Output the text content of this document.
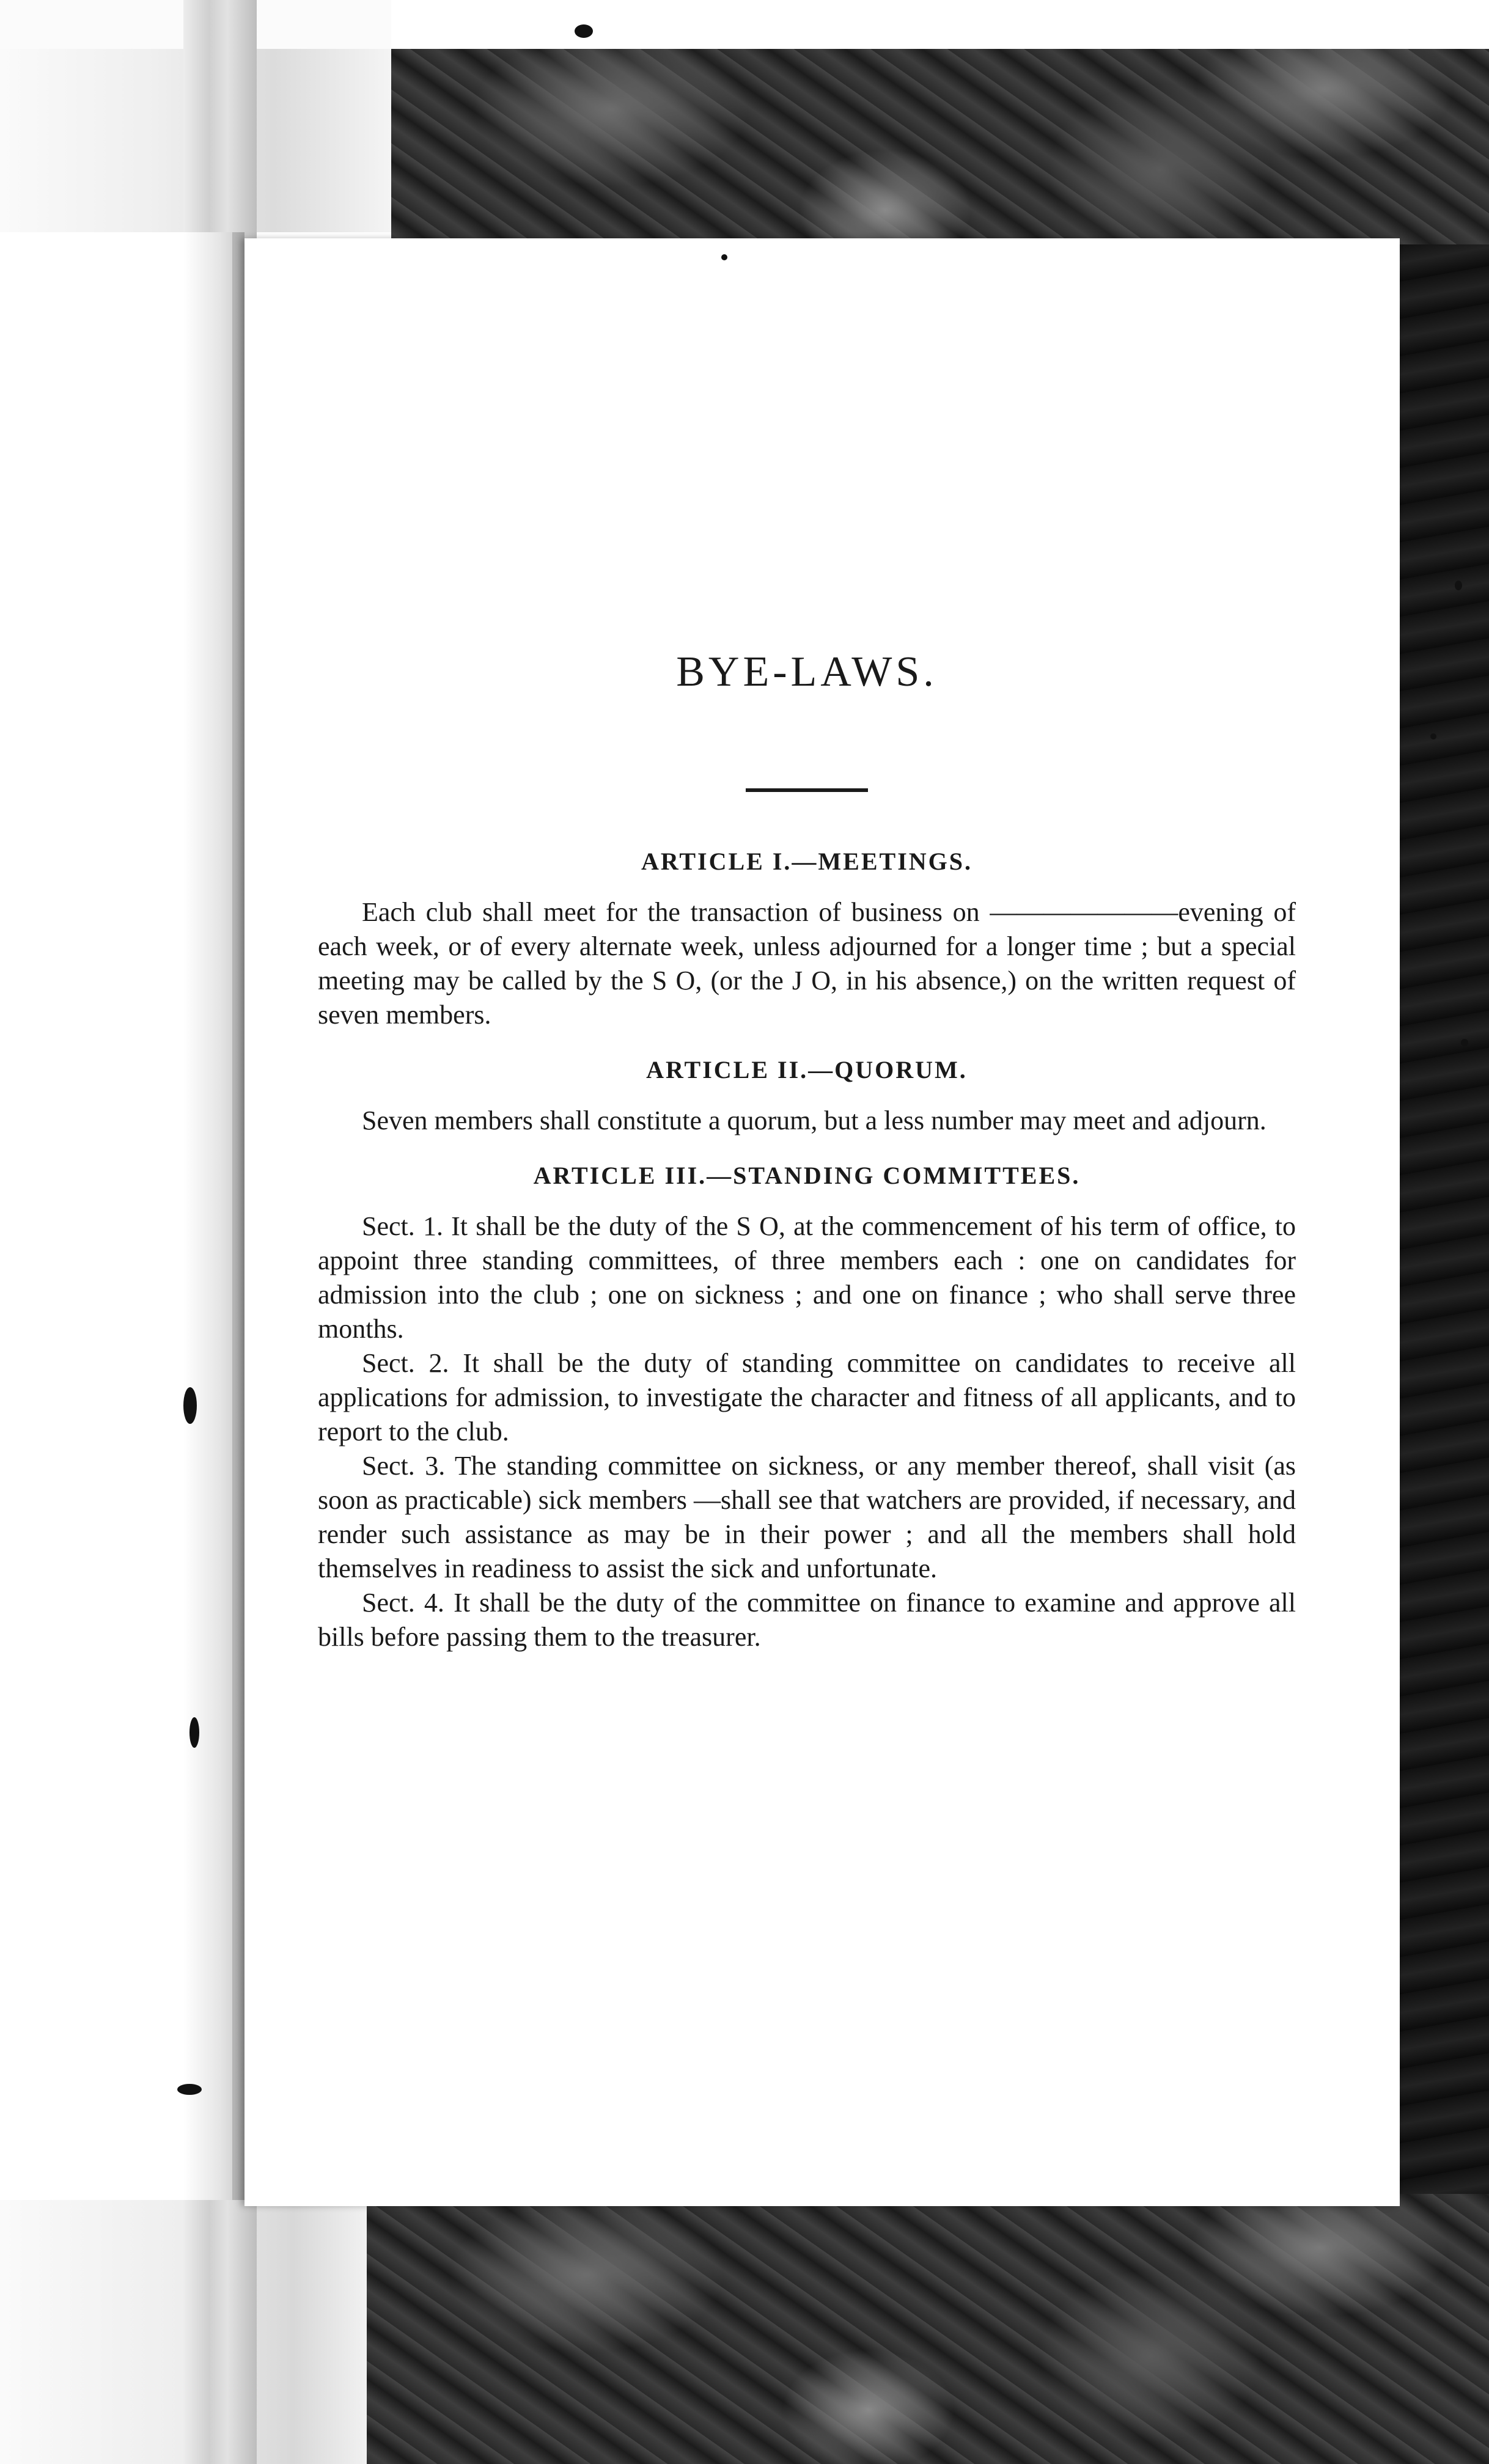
BYE-LAWS.
ARTICLE I.—MEETINGS.

Each club shall meet for the transaction of business on ———————evening of each week, or of every alternate week, unless adjourned for a longer time ; but a special meeting may be called by the S O, (or the J O, in his absence,) on the written request of seven members.

ARTICLE II.—QUORUM.

Seven members shall constitute a quorum, but a less number may meet and adjourn.

ARTICLE III.—STANDING COMMITTEES.

Sect. 1. It shall be the duty of the S O, at the commencement of his term of office, to appoint three standing committees, of three members each : one on candidates for admission into the club ; one on sickness ; and one on finance ; who shall serve three months.

Sect. 2. It shall be the duty of standing committee on candidates to receive all applications for admission, to investigate the character and fitness of all applicants, and to report to the club.

Sect. 3. The standing committee on sickness, or any member thereof, shall visit (as soon as practicable) sick members —shall see that watchers are provided, if necessary, and render such assistance as may be in their power ; and all the members shall hold themselves in readiness to assist the sick and unfortunate.

Sect. 4. It shall be the duty of the committee on finance to examine and approve all bills before passing them to the treasurer.
